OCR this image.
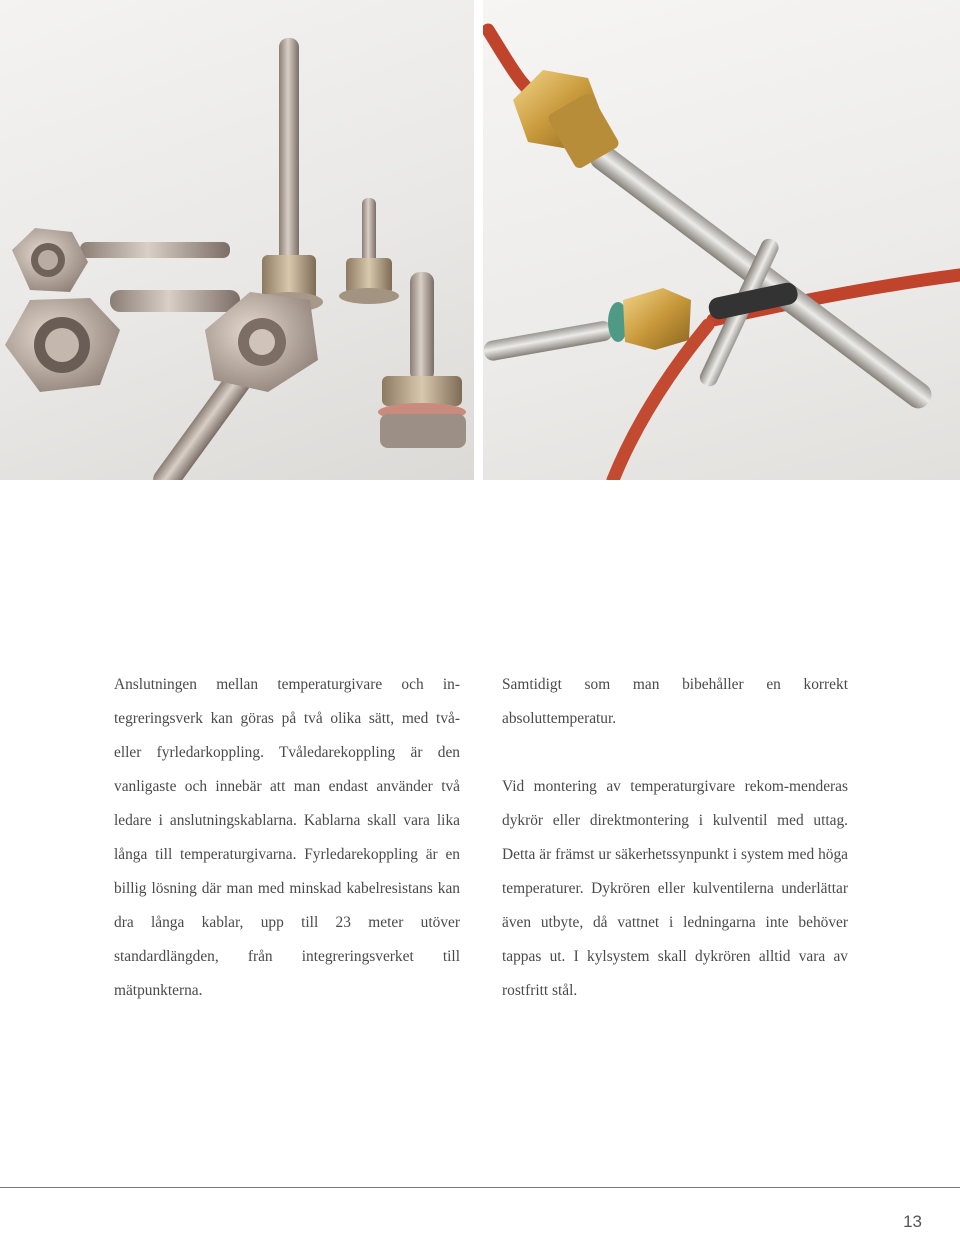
Anslutningen mellan temperaturgivare och in-tegreringsverk kan göras på två olika sätt, med två- eller fyrledarkoppling. Tvåledarekoppling är den vanligaste och innebär att man endast använder två ledare i anslutningskablarna. Kablarna skall vara lika långa till temperaturgivarna. Fyrledarekoppling är en billig lösning där man med minskad kabelresistans kan dra långa kablar, upp till 23 meter utöver standardlängden, från integreringsverket till mätpunkterna.

Samtidigt som man bibehåller en korrekt absoluttemperatur.

Vid montering av temperaturgivare rekom-menderas dykrör eller direktmontering i kulventil med uttag. Detta är främst ur säkerhetssynpunkt i system med höga temperaturer. Dykrören eller kulventilerna underlättar även utbyte, då vattnet i ledningarna inte behöver tappas ut. I kylsystem skall dykrören alltid vara av rostfritt stål.

13
